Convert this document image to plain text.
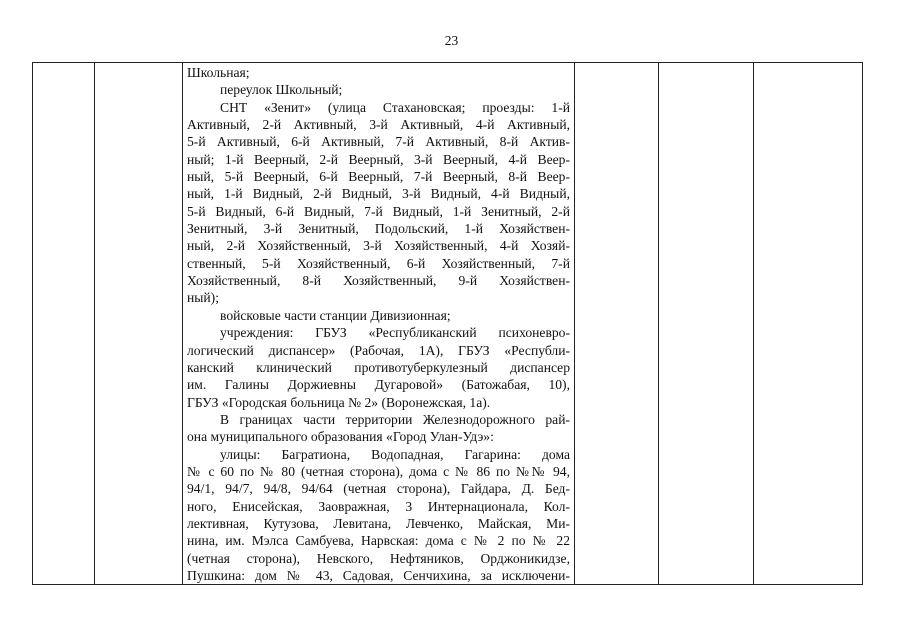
23

Школьная;
переулок Школьный;
СНТ «Зенит» (улица Стахановская; проезды: 1-й
Активный, 2-й Активный, 3-й Активный, 4-й Активный,
5-й Активный, 6-й Активный, 7-й Активный, 8-й Актив-
ный; 1-й Веерный, 2-й Веерный, 3-й Веерный, 4-й Веер-
ный, 5-й Веерный, 6-й Веерный, 7-й Веерный, 8-й Веер-
ный, 1-й Видный, 2-й Видный, 3-й Видный, 4-й Видный,
5-й Видный, 6-й Видный, 7-й Видный, 1-й Зенитный, 2-й
Зенитный, 3-й Зенитный, Подольский, 1-й Хозяйствен-
ный, 2-й Хозяйственный, 3-й Хозяйственный, 4-й Хозяй-
ственный, 5-й Хозяйственный, 6-й Хозяйственный, 7-й
Хозяйственный, 8-й Хозяйственный, 9-й Хозяйствен-
ный);
войсковые части станции Дивизионная;
учреждения: ГБУЗ «Республиканский психоневро-
логический диспансер» (Рабочая, 1А), ГБУЗ «Республи-
канский клинический противотуберкулезный диспансер
им. Галины Доржиевны Дугаровой» (Батожабая, 10),
ГБУЗ «Городская больница № 2» (Воронежская, 1а).
В границах части территории Железнодорожного рай-
она муниципального образования «Город Улан-Удэ»:
улицы: Багратиона, Водопадная, Гагарина: дома
№ с 60 по № 80 (четная сторона), дома с № 86 по №№ 94,
94/1, 94/7, 94/8, 94/64 (четная сторона), Гайдара, Д. Бед-
ного, Енисейская, Заовражная, 3 Интернационала, Кол-
лективная, Кутузова, Левитана, Левченко, Майская, Ми-
нина, им. Мэлса Самбуева, Нарвская: дома с № 2 по № 22
(четная сторона), Невского, Нефтяников, Орджоникидзе,
Пушкина: дом № 43, Садовая, Сенчихина, за исключени-
